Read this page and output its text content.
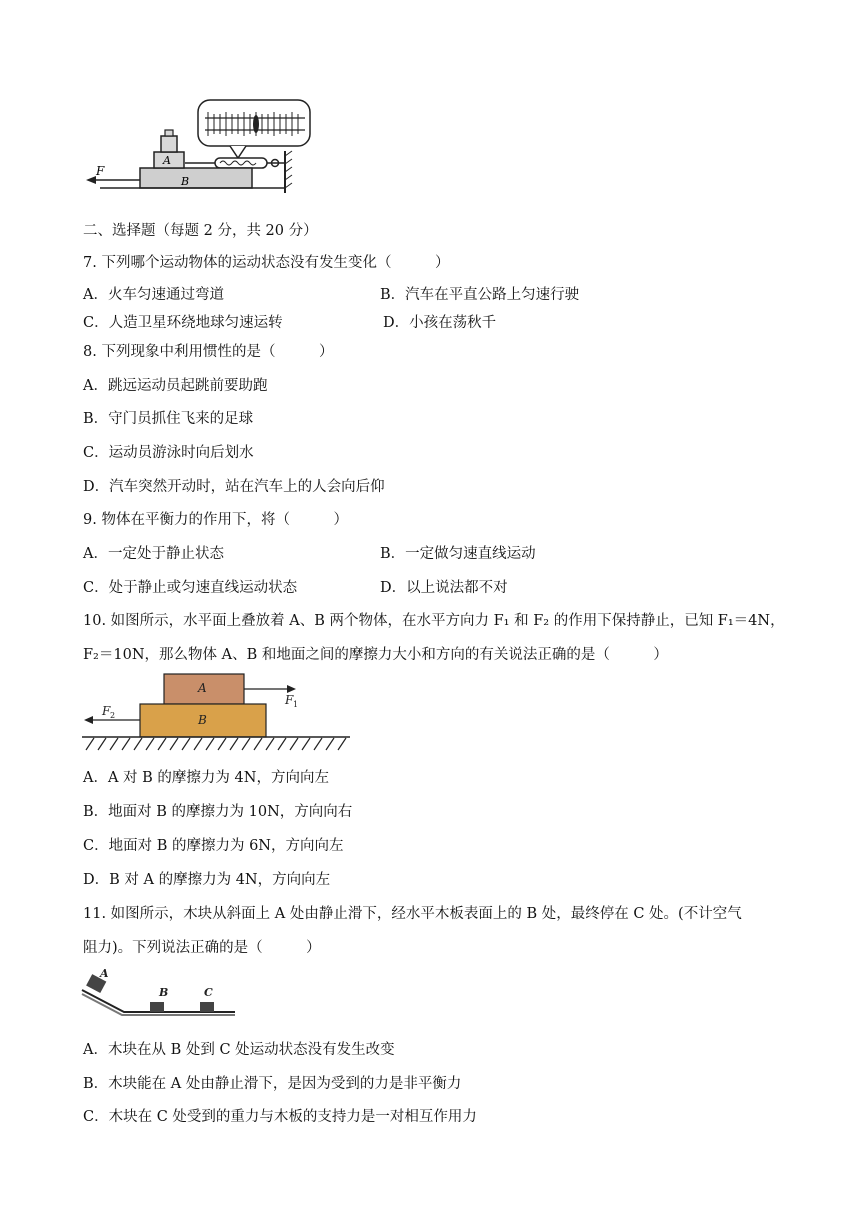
F
A
B
二、选择题（每题 2 分，共 20 分）
7. 下列哪个运动物体的运动状态没有发生变化（　　　）
A．火车匀速通过弯道	B．汽车在平直公路上匀速行驶
C．人造卫星环绕地球匀速运转	D．小孩在荡秋千
8. 下列现象中利用惯性的是（　　　）
A．跳远运动员起跳前要助跑
B．守门员抓住飞来的足球
C．运动员游泳时向后划水
D．汽车突然开动时，站在汽车上的人会向后仰
9. 物体在平衡力的作用下，将（　　　）
A．一定处于静止状态	B．一定做匀速直线运动
C．处于静止或匀速直线运动状态	D．以上说法都不对
10. 如图所示，水平面上叠放着 A、B 两个物体，在水平方向力 F₁ 和 F₂ 的作用下保持静止，已知 F₁＝4N，
F₂＝10N，那么物体 A、B 和地面之间的摩擦力大小和方向的有关说法正确的是（　　　）
A
B
F 1
F 2
A．A 对 B 的摩擦力为 4N，方向向左
B．地面对 B 的摩擦力为 10N，方向向右
C．地面对 B 的摩擦力为 6N，方向向左
D．B 对 A 的摩擦力为 4N，方向向左
11. 如图所示，木块从斜面上 A 处由静止滑下，经水平木板表面上的 B 处，最终停在 C 处。(不计空气
阻力)。下列说法正确的是（　　　）
A
B	C
A．木块在从 B 处到 C 处运动状态没有发生改变
B．木块能在 A 处由静止滑下，是因为受到的力是非平衡力
C．木块在 C 处受到的重力与木板的支持力是一对相互作用力
